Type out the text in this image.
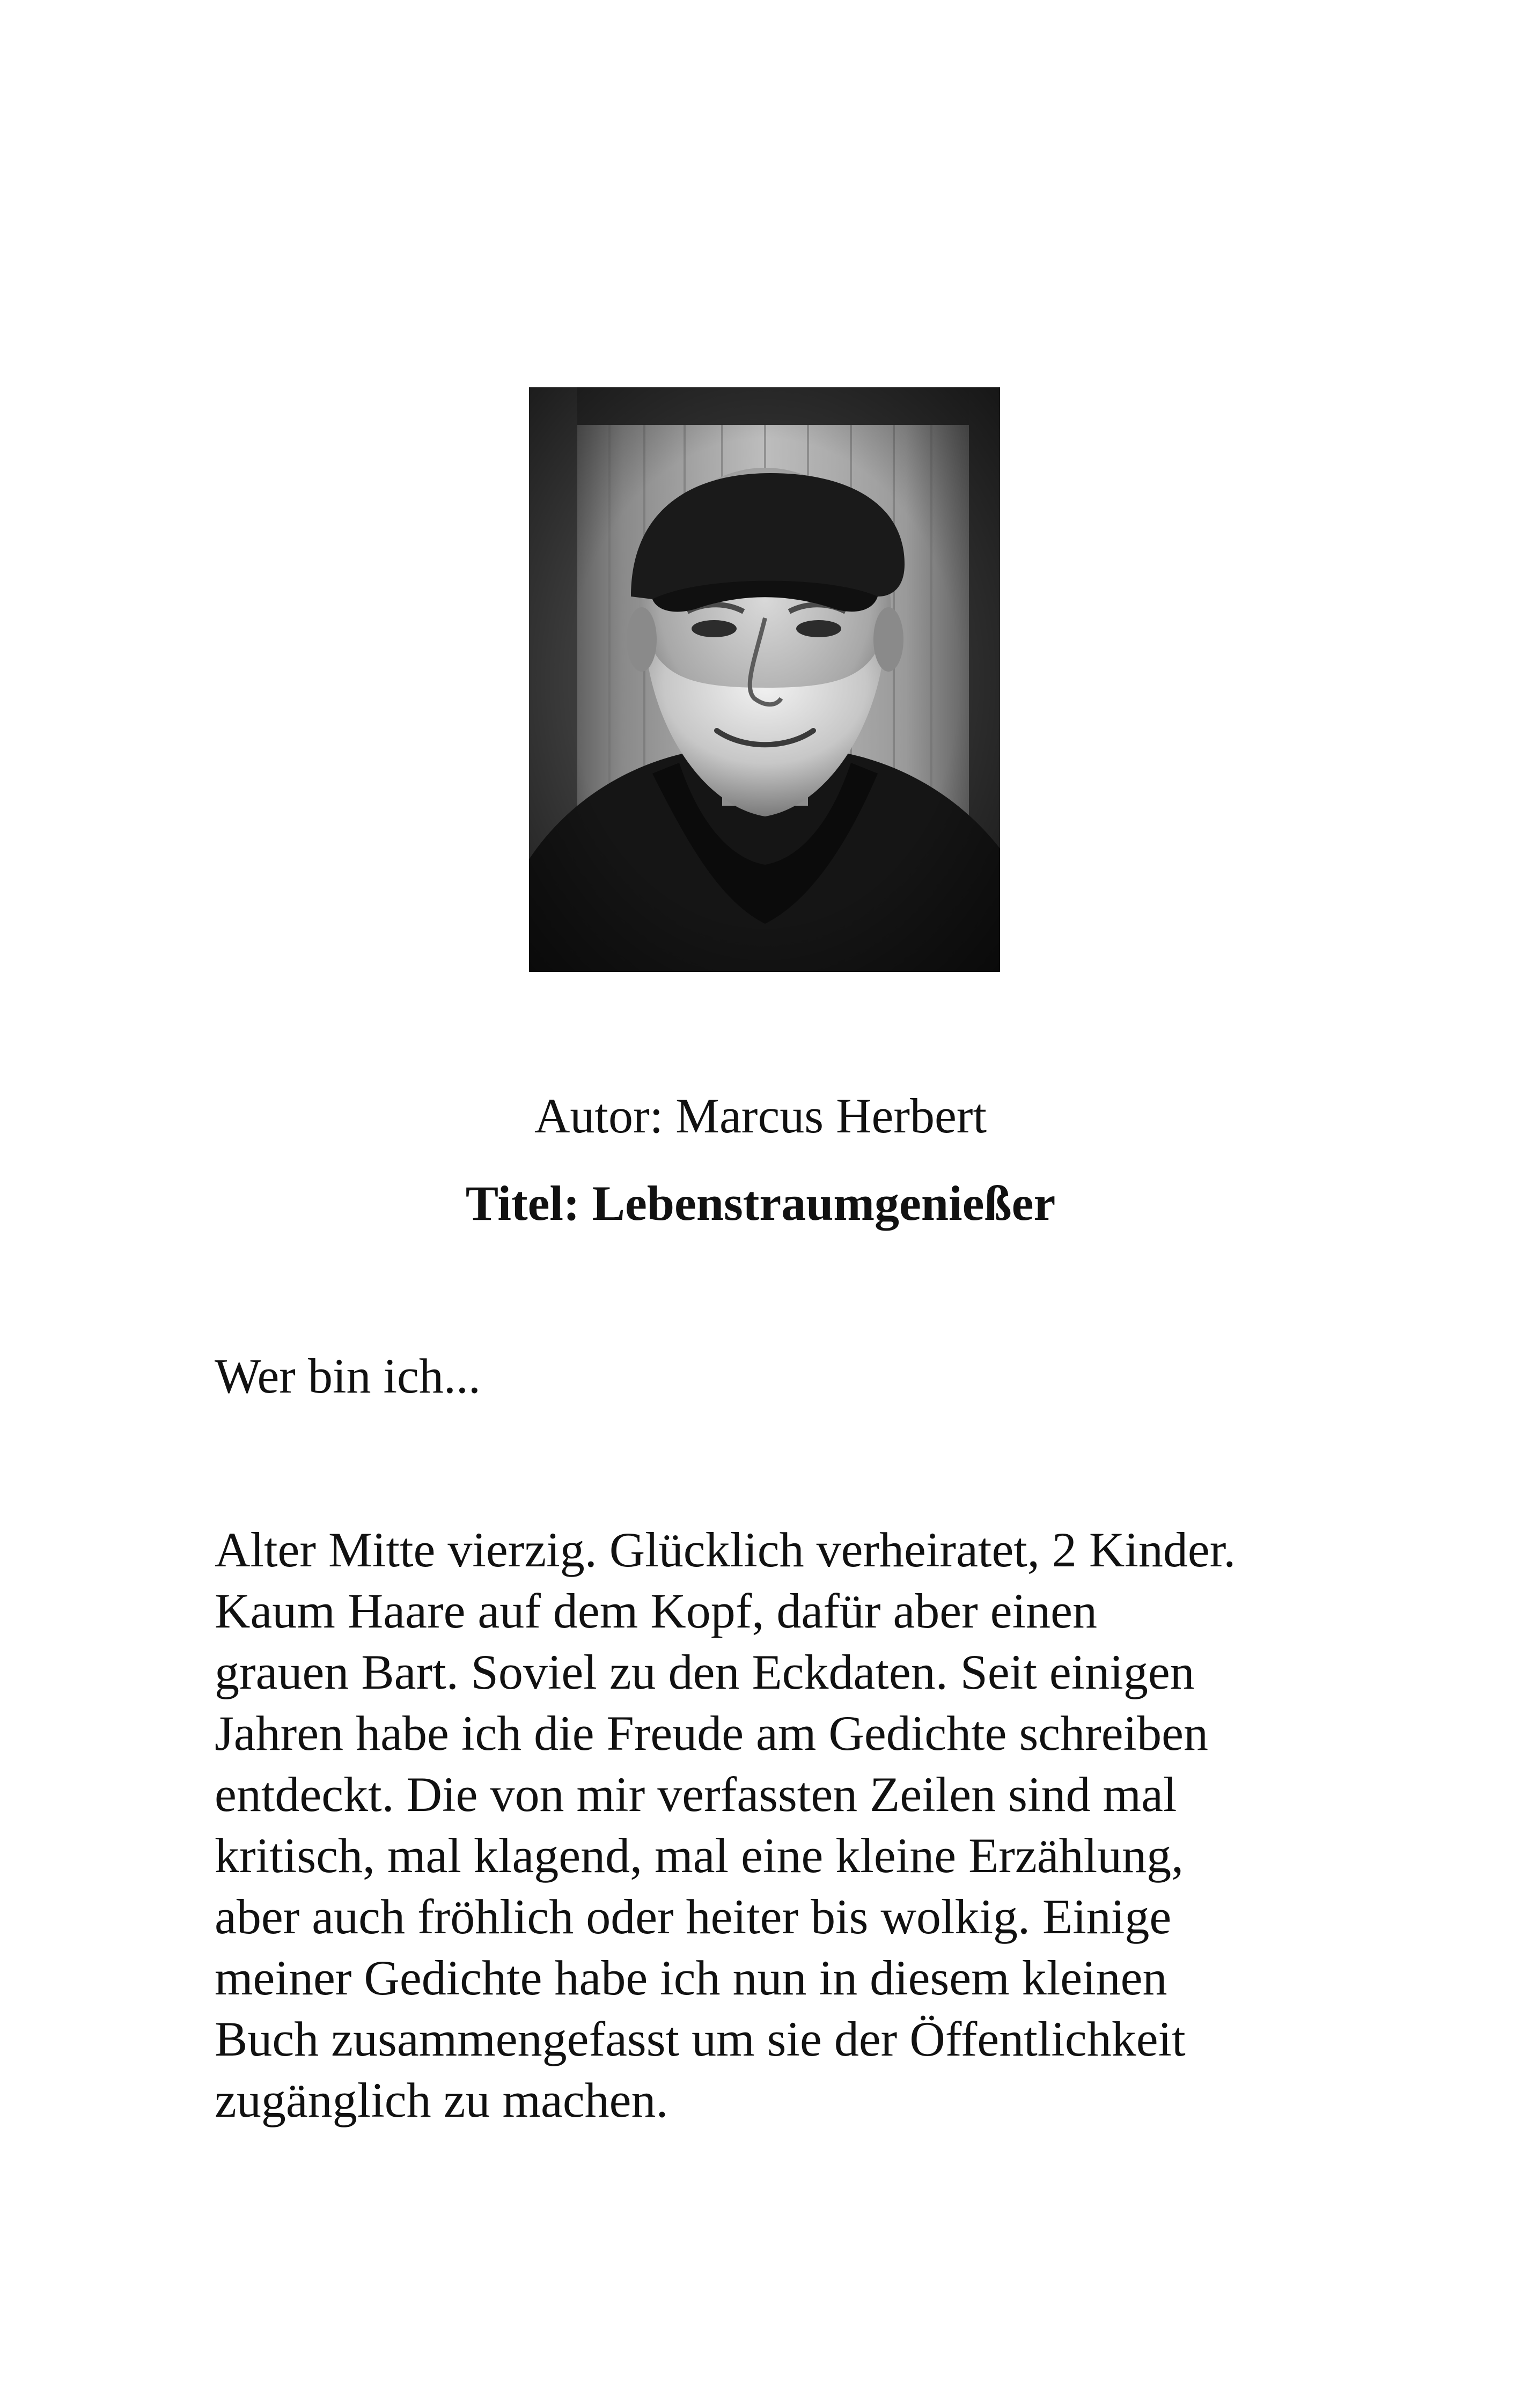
Autor: Marcus Herbert
Titel: Lebenstraumgenießer
Wer bin ich...
Alter Mitte vierzig. Glücklich verheiratet, 2 Kinder.
Kaum Haare auf dem Kopf, dafür aber einen
grauen Bart. Soviel zu den Eckdaten. Seit einigen
Jahren habe ich die Freude am Gedichte schreiben
entdeckt. Die von mir verfassten Zeilen sind mal
kritisch, mal klagend, mal eine kleine Erzählung,
aber auch fröhlich oder heiter bis wolkig. Einige
meiner Gedichte habe ich nun in diesem kleinen
Buch zusammengefasst um sie der Öffentlichkeit
zugänglich zu machen.
